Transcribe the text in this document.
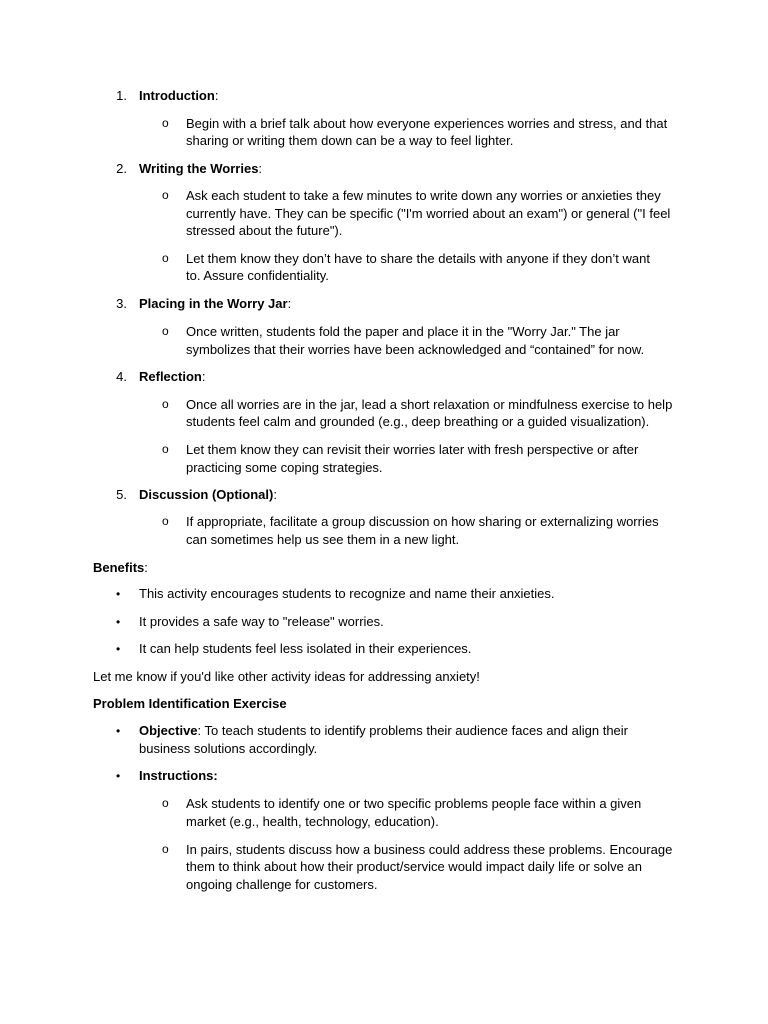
1. Introduction:
o Begin with a brief talk about how everyone experiences worries and stress, and that
sharing or writing them down can be a way to feel lighter.
2. Writing the Worries:
o Ask each student to take a few minutes to write down any worries or anxieties they
currently have. They can be specific ("I'm worried about an exam") or general ("I feel
stressed about the future").
o Let them know they don’t have to share the details with anyone if they don’t want
to. Assure confidentiality.
3. Placing in the Worry Jar:
o Once written, students fold the paper and place it in the "Worry Jar." The jar
symbolizes that their worries have been acknowledged and “contained” for now.
4. Reflection:
o Once all worries are in the jar, lead a short relaxation or mindfulness exercise to help
students feel calm and grounded (e.g., deep breathing or a guided visualization).
o Let them know they can revisit their worries later with fresh perspective or after
practicing some coping strategies.
5. Discussion (Optional):
o If appropriate, facilitate a group discussion on how sharing or externalizing worries
can sometimes help us see them in a new light.
Benefits:
• This activity encourages students to recognize and name their anxieties.
• It provides a safe way to "release" worries.
• It can help students feel less isolated in their experiences.
Let me know if you'd like other activity ideas for addressing anxiety!
Problem Identification Exercise
• Objective: To teach students to identify problems their audience faces and align their
business solutions accordingly.
• Instructions:
o Ask students to identify one or two specific problems people face within a given
market (e.g., health, technology, education).
o In pairs, students discuss how a business could address these problems. Encourage
them to think about how their product/service would impact daily life or solve an
ongoing challenge for customers.
